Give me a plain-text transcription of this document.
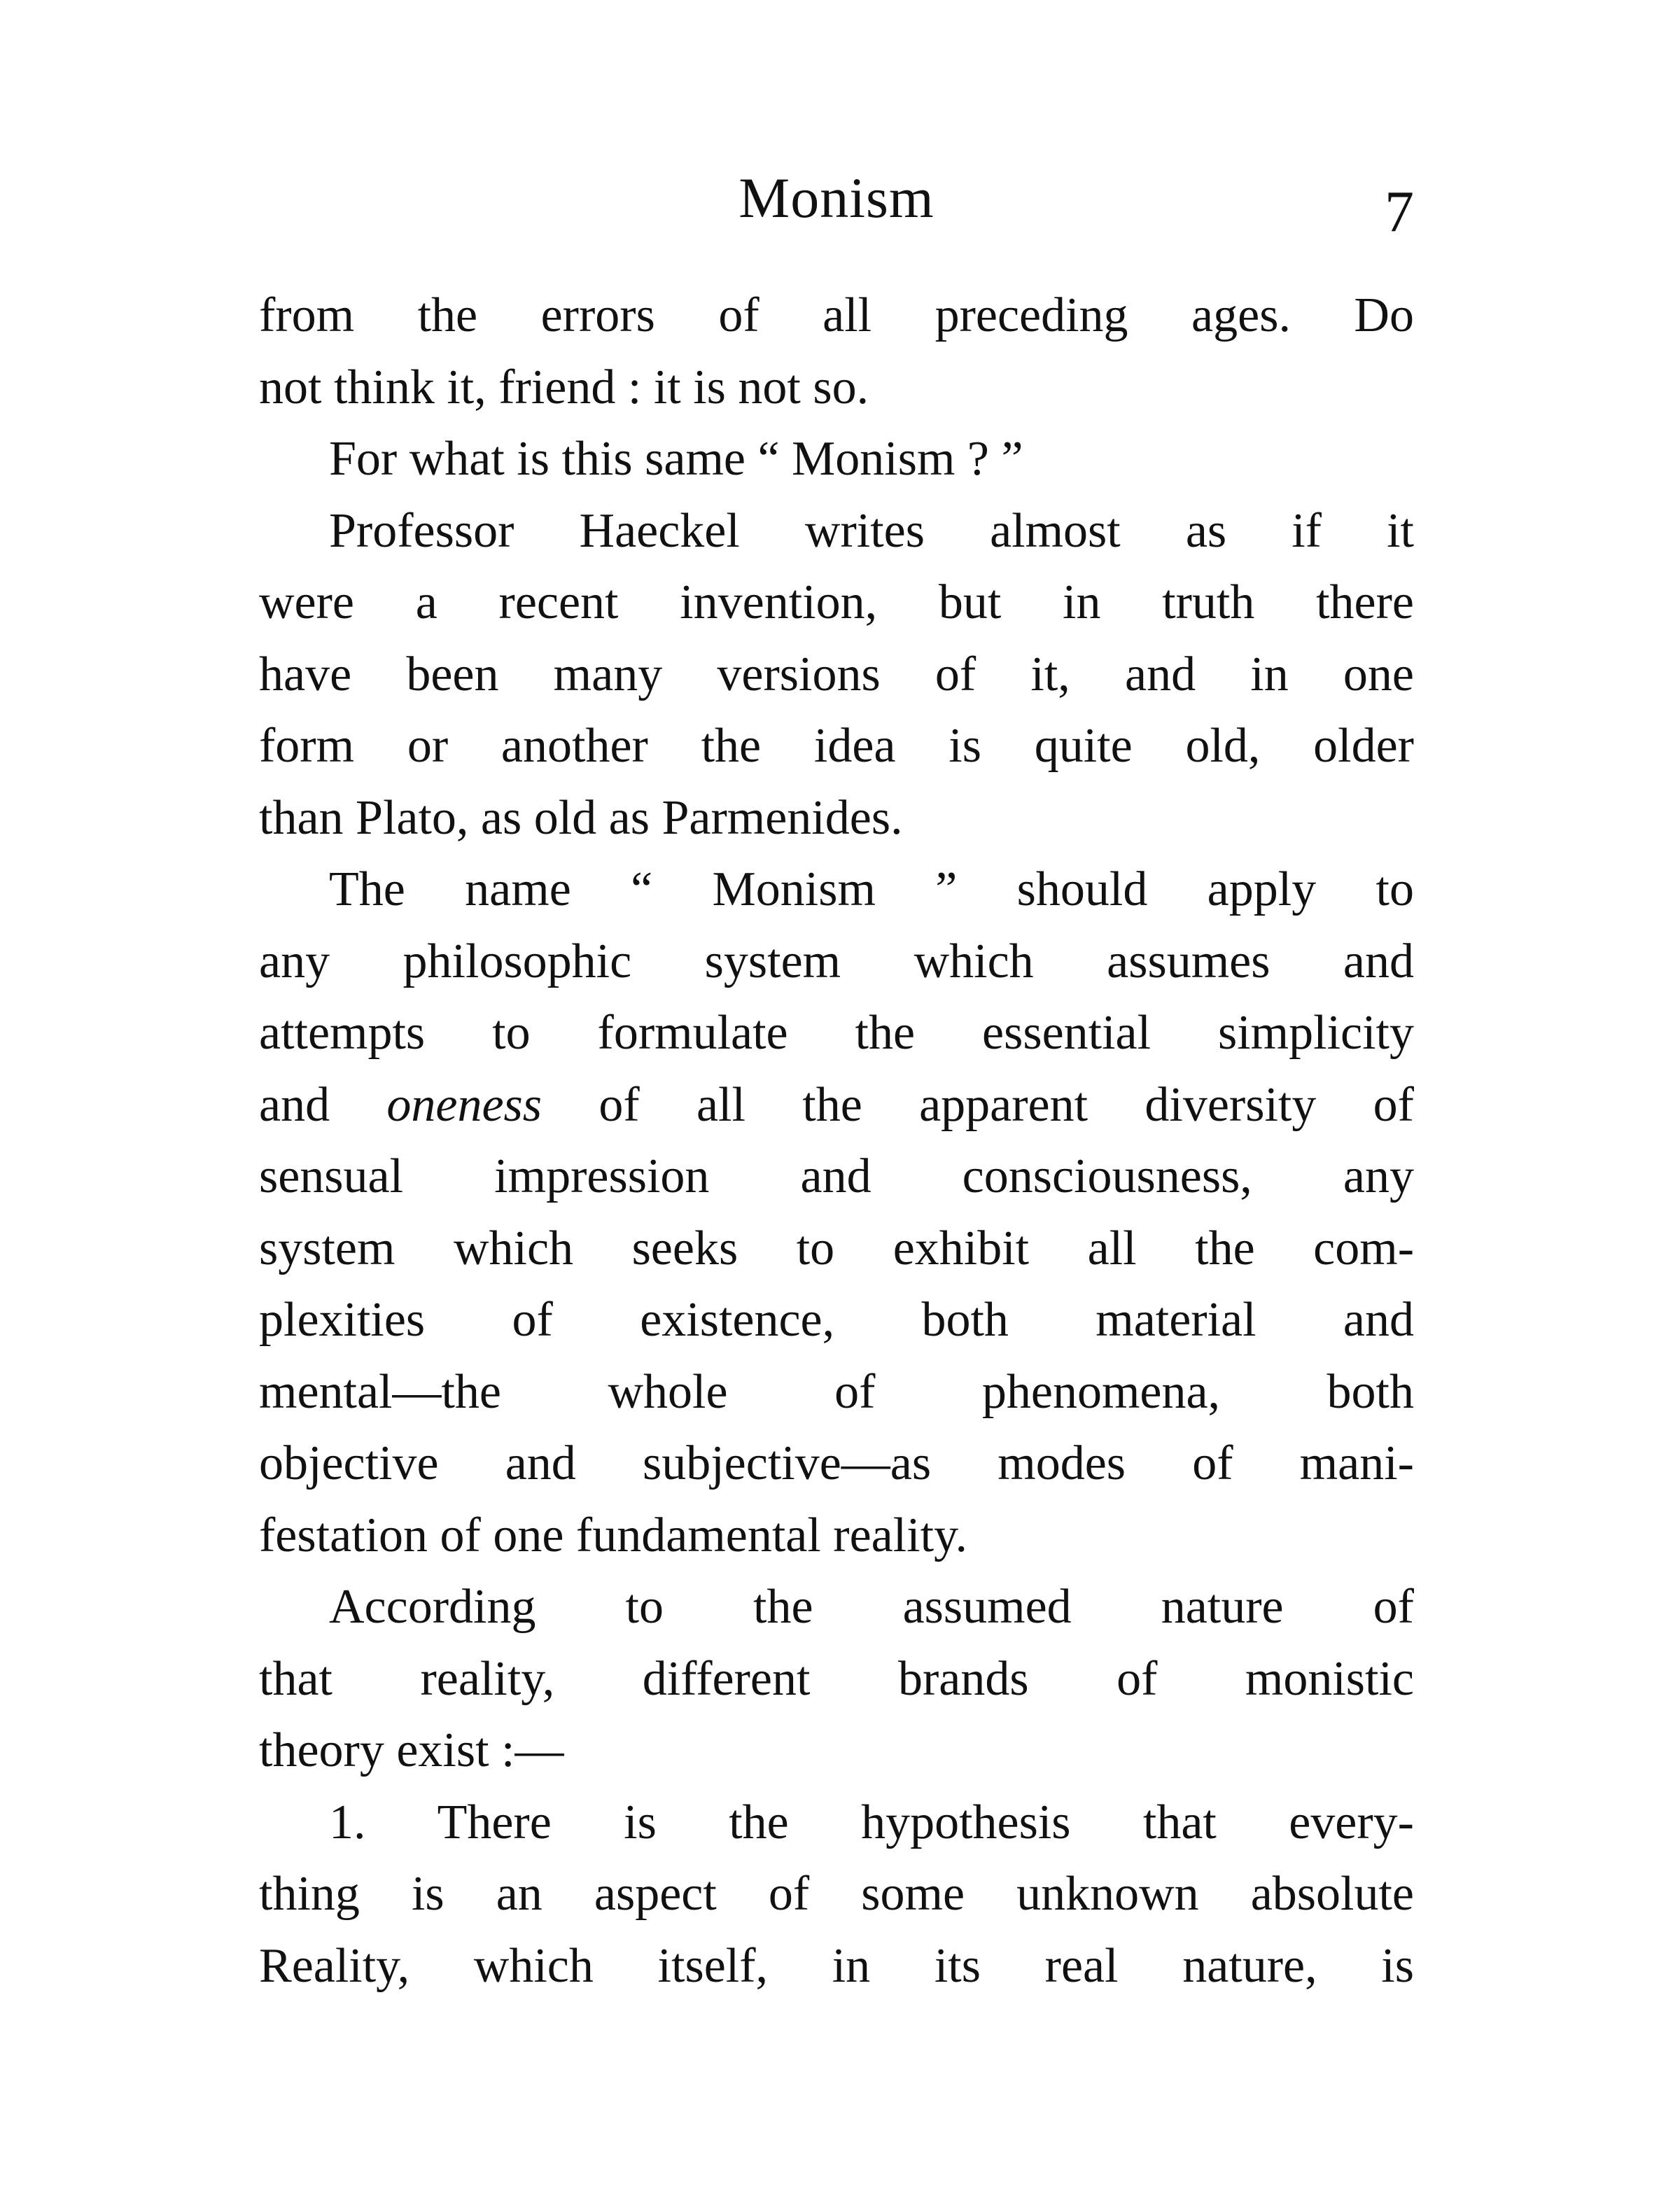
Monism	7
from the errors of all preceding ages. Do
not think it, friend : it is not so.
For what is this same “ Monism ? ”
Professor Haeckel writes almost as if it
were a recent invention, but in truth there
have been many versions of it, and in one
form or another the idea is quite old, older
than Plato, as old as Parmenides.
The name “ Monism ” should apply to
any philosophic system which assumes and
attempts to formulate the essential simplicity
and oneness of all the apparent diversity of
sensual impression and consciousness, any
system which seeks to exhibit all the com-
plexities of existence, both material and
mental—the whole of phenomena, both
objective and subjective—as modes of mani-
festation of one fundamental reality.
According to the assumed nature of
that reality, different brands of monistic
theory exist :—
1. There is the hypothesis that every-
thing is an aspect of some unknown absolute
Reality, which itself, in its real nature, is
